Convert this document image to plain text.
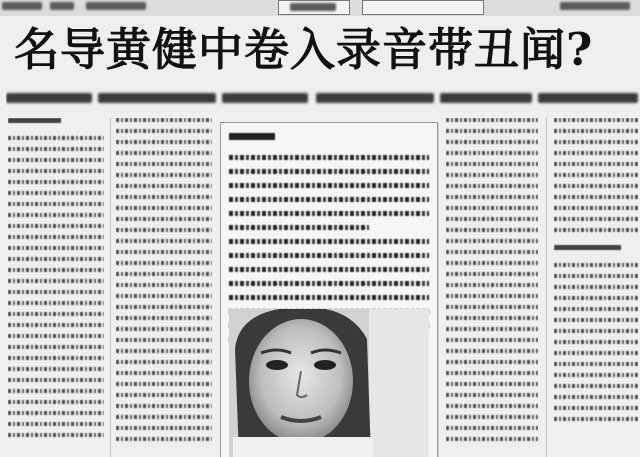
名导黄健中卷入录音带丑闻?
